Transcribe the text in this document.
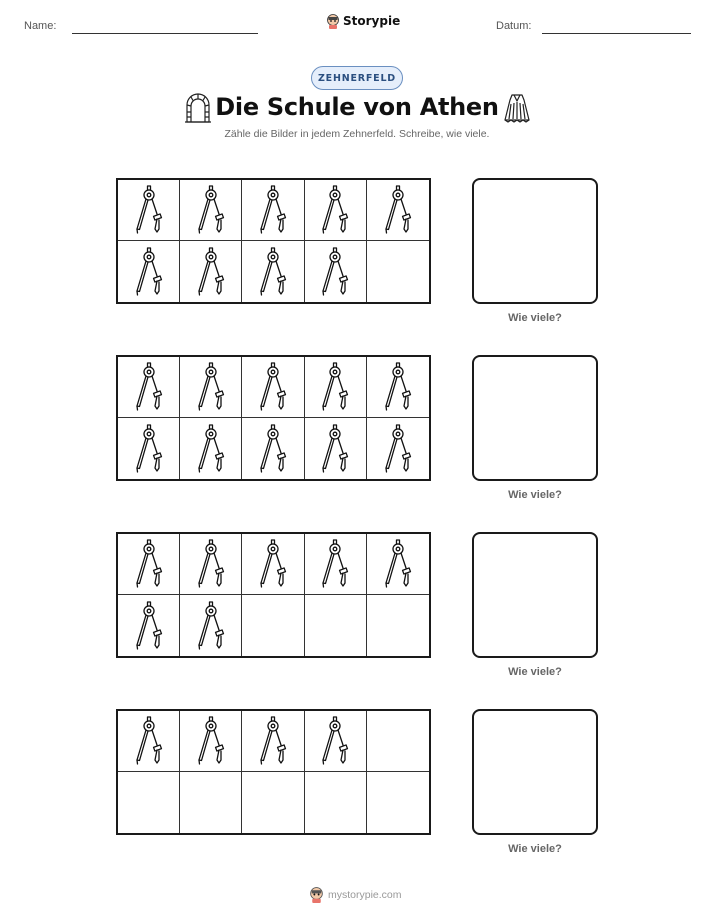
Name:	Storypie	Datum:
ZEHNERFELD
Die Schule von Athen
Zähle die Bilder in jedem Zehnerfeld. Schreibe, wie viele.
Wie viele?
Wie viele?
Wie viele?
Wie viele?
mystorypie.com
